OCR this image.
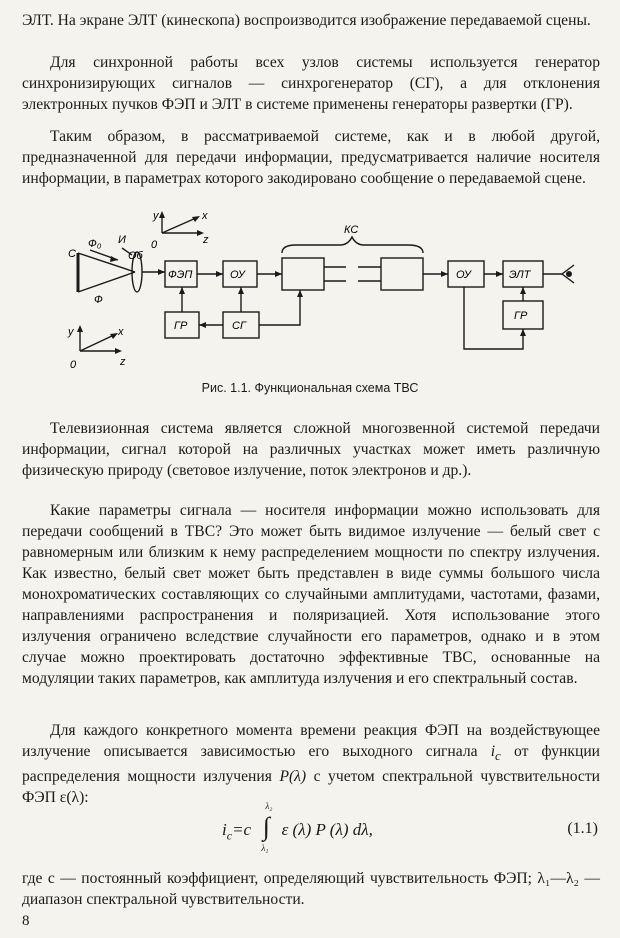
ЭЛТ. На экране ЭЛТ (кинескопа) воспроизводится изображение передаваемой сцены.

Для синхронной работы всех узлов системы используется генератор синхронизирующих сигналов — синхрогенератор (СГ), а для отклонения электронных пучков ФЭП и ЭЛТ в системе применены генераторы развертки (ГР).

Таким образом, в рассматриваемой системе, как и в любой другой, предназначенной для передачи информации, предусматривается наличие носителя информации, в параметрах которого закодировано сообщение о передаваемой сцене.

y	x
z
0
y	x
z
0
С
Ф₀ И
Об
Ф
ФЭП	ОУ
ГР	СГ
КС
ОУ	ЭЛТ
ГР
Рис. 1.1. Функциональная схема ТВС

Телевизионная система является сложной многозвенной системой передачи информации, сигнал которой на различных участках может иметь различную физическую природу (световое излучение, поток электронов и др.).

Какие параметры сигнала — носителя информации можно использовать для передачи сообщений в ТВС? Это может быть видимое излучение — белый свет с равномерным или близким к нему распределением мощности по спектру излучения. Как известно, белый свет может быть представлен в виде суммы большого числа монохроматических составляющих со случайными амплитудами, частотами, фазами, направлениями распространения и поляризацией. Хотя использование этого излучения ограничено вследствие случайности его параметров, однако и в этом случае можно проектировать достаточно эффективные ТВС, основанные на модуляции таких параметров, как амплитуда излучения и его спектральный состав.

Для каждого конкретного момента времени реакция ФЭП на воздействующее излучение описывается зависимостью его выходного сигнала $i_c$ от функции распределения мощности излучения P(λ) с учетом спектральной чувствительности ФЭП ε(λ):

$i_c=c$ ∫
λ₂
λ₁
ε (λ) P (λ) dλ,	(1.1)

где c — постоянный коэффициент, определяющий чувствительность ФЭП; λ₁—λ₂ — диапазон спектральной чувствительности.

8
